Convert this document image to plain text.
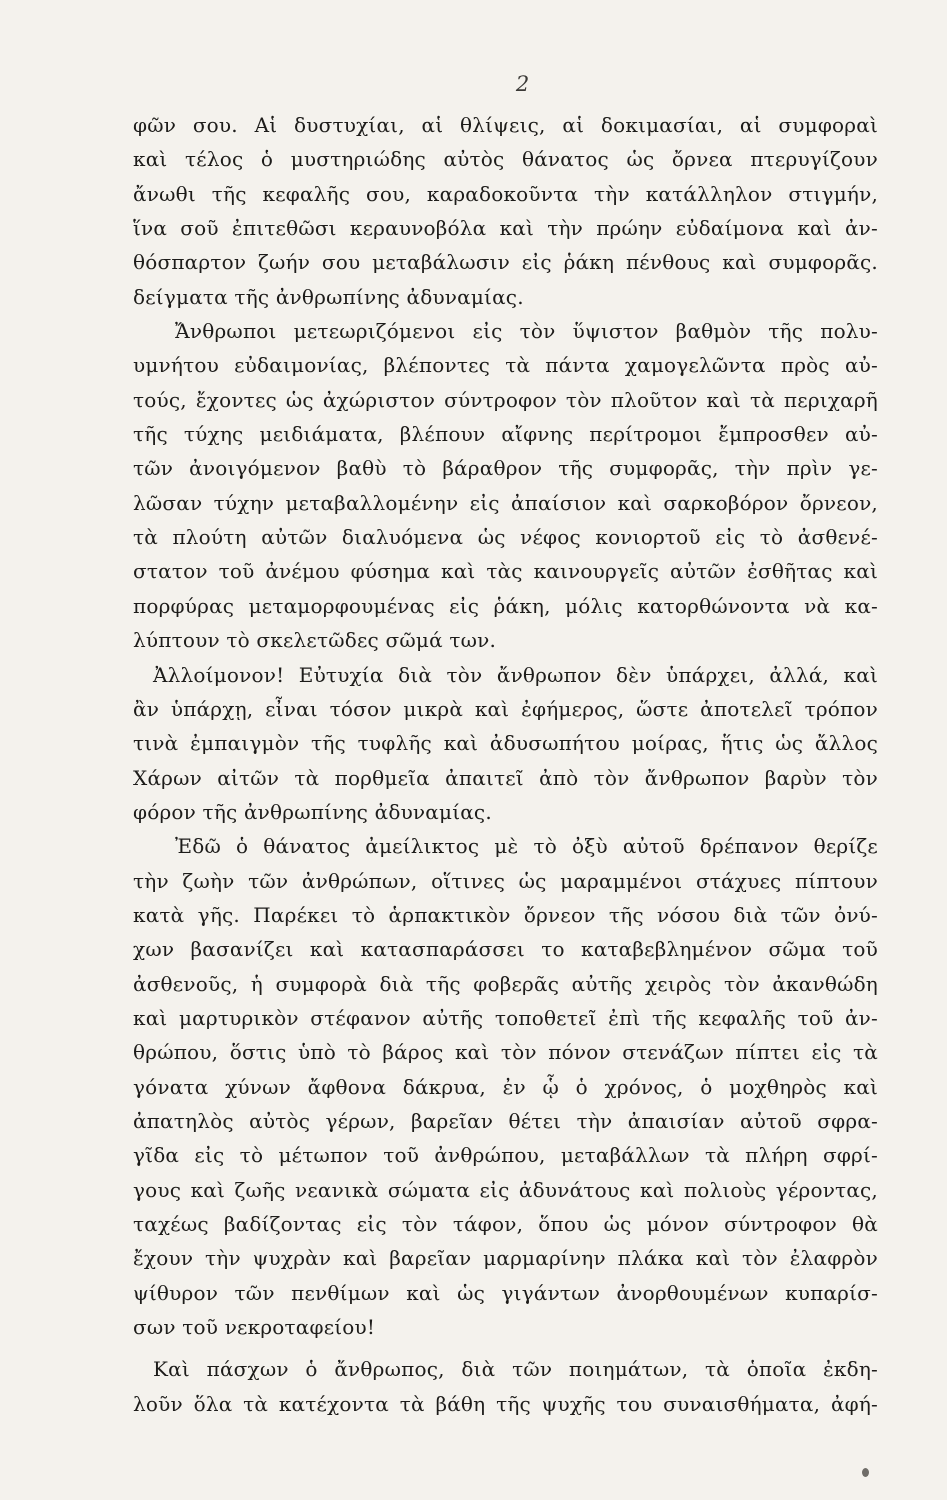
2
φῶν σου. Αἱ δυστυχίαι, αἱ θλίψεις, αἱ δοκιμασίαι, αἱ συμφοραὶ
καὶ τέλος ὁ μυστηριώδης αὐτὸς θάνατος ὡς ὄρνεα πτερυγίζουν
ἄνωθι τῆς κεφαλῆς σου, καραδοκοῦντα τὴν κατάλληλον στιγμήν,
ἵνα σοῦ ἐπιτεθῶσι κεραυνοβόλα καὶ τὴν πρώην εὐδαίμονα καὶ ἀν-
θόσπαρτον ζωήν σου μεταβάλωσιν εἰς ῥάκη πένθους καὶ συμφορᾶς.
δείγματα τῆς ἀνθρωπίνης ἀδυναμίας.
Ἄνθρωποι μετεωριζόμενοι εἰς τὸν ὕψιστον βαθμὸν τῆς πολυ-
υμνήτου εὐδαιμονίας, βλέποντες τὰ πάντα χαμογελῶντα πρὸς αὐ-
τούς, ἔχοντες ὡς ἀχώριστον σύντροφον τὸν πλοῦτον καὶ τὰ περιχαρῆ
τῆς τύχης μειδιάματα, βλέπουν αἴφνης περίτρομοι ἔμπροσθεν αὐ-
τῶν ἀνοιγόμενον βαθὺ τὸ βάραθρον τῆς συμφορᾶς, τὴν πρὶν γε-
λῶσαν τύχην μεταβαλλομένην εἰς ἀπαίσιον καὶ σαρκοβόρον ὄρνεον,
τὰ πλούτη αὐτῶν διαλυόμενα ὡς νέφος κονιορτοῦ εἰς τὸ ἀσθενέ-
στατον τοῦ ἀνέμου φύσημα καὶ τὰς καινουργεῖς αὐτῶν ἐσθῆτας καὶ
πορφύρας μεταμορφουμένας εἰς ῥάκη, μόλις κατορθώνοντα νὰ κα-
λύπτουν τὸ σκελετῶδες σῶμά των.
Ἀλλοίμονον! Εὐτυχία διὰ τὸν ἄνθρωπον δὲν ὑπάρχει, ἀλλά, καὶ
ἂν ὑπάρχῃ, εἶναι τόσον μικρὰ καὶ ἐφήμερος, ὥστε ἀποτελεῖ τρόπον
τινὰ ἐμπαιγμὸν τῆς τυφλῆς καὶ ἀδυσωπήτου μοίρας, ἥτις ὡς ἄλλος
Χάρων αἰτῶν τὰ πορθμεῖα ἀπαιτεῖ ἀπὸ τὸν ἄνθρωπον βαρὺν τὸν
φόρον τῆς ἀνθρωπίνης ἀδυναμίας.
Ἐδῶ ὁ θάνατος ἀμείλικτος μὲ τὸ ὀξὺ αὐτοῦ δρέπανον θερίζε
τὴν ζωὴν τῶν ἀνθρώπων, οἵτινες ὡς μαραμμένοι στάχυες πίπτουν
κατὰ γῆς. Παρέκει τὸ ἁρπακτικὸν ὄρνεον τῆς νόσου διὰ τῶν ὀνύ-
χων βασανίζει καὶ κατασπαράσσει το καταβεβλημένον σῶμα τοῦ
ἀσθενοῦς, ἡ συμφορὰ διὰ τῆς φοβερᾶς αὐτῆς χειρὸς τὸν ἀκανθώδη
καὶ μαρτυρικὸν στέφανον αὐτῆς τοποθετεῖ ἐπὶ τῆς κεφαλῆς τοῦ ἀν-
θρώπου, ὅστις ὑπὸ τὸ βάρος καὶ τὸν πόνον στενάζων πίπτει εἰς τὰ
γόνατα χύνων ἄφθονα δάκρυα, ἐν ᾧ ὁ χρόνος, ὁ μοχθηρὸς καὶ
ἀπατηλὸς αὐτὸς γέρων, βαρεῖαν θέτει τὴν ἀπαισίαν αὐτοῦ σφρα-
γῖδα εἰς τὸ μέτωπον τοῦ ἀνθρώπου, μεταβάλλων τὰ πλήρη σφρί-
γους καὶ ζωῆς νεανικὰ σώματα εἰς ἀδυνάτους καὶ πολιοὺς γέροντας,
ταχέως βαδίζοντας εἰς τὸν τάφον, ὅπου ὡς μόνον σύντροφον θὰ
ἔχουν τὴν ψυχρὰν καὶ βαρεῖαν μαρμαρίνην πλάκα καὶ τὸν ἐλαφρὸν
ψίθυρον τῶν πενθίμων καὶ ὡς γιγάντων ἀνορθουμένων κυπαρίσ-
σων τοῦ νεκροταφείου!
Καὶ πάσχων ὁ ἄνθρωπος, διὰ τῶν ποιημάτων, τὰ ὁποῖα ἐκδη-
λοῦν ὅλα τὰ κατέχοντα τὰ βάθη τῆς ψυχῆς του συναισθήματα, ἀφή-
